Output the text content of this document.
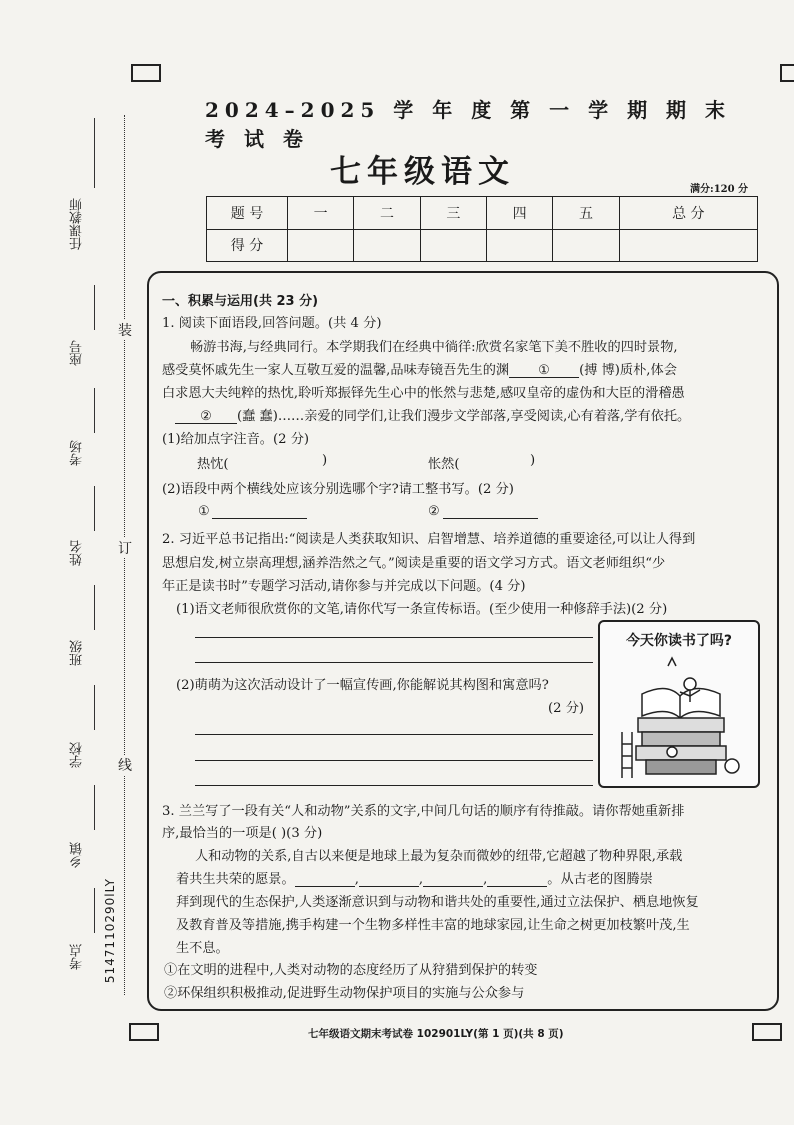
2024–2025 学 年 度 第 一 学 期 期 末 考 试 卷
七年级语文	满分:120 分
题 号	一	二	三	四	五	总 分
得 分						
装
订
线
任课教师
座号
考场
姓名
班级
学校
乡镇
考点 5147110290lLY
一、积累与运用(共 23 分)
1. 阅读下面语段,回答问题。(共 4 分)
畅游书海,与经典同行。本学期我们在经典中徜徉:欣赏名家笔下美不胜收的四时景物,
感受莫怀戚先生一家人互敬互爱的温馨,品味寿镜吾先生的渊 ① (搏 博)质朴,体会
白求恩大夫纯粹的热忱,聆听郑振铎先生心中的怅然与悲楚,感叹皇帝的虚伪和大臣的滑稽愚
② (蠢 蠢)……亲爱的同学们,让我们漫步文学部落,享受阅读,心有着落,学有依托。
(1)给加点字注音。(2 分)
热忱(	)	怅然(	)
(2)语段中两个横线处应该分别选哪个字?请工整书写。(2 分)
①	②
2. 习近平总书记指出:“阅读是人类获取知识、启智增慧、培养道德的重要途径,可以让人得到
思想启发,树立崇高理想,涵养浩然之气。”阅读是重要的语文学习方式。语文老师组织“少
年正是读书时”专题学习活动,请你参与并完成以下问题。(4 分)
(1)语文老师很欣赏你的文笔,请你代写一条宣传标语。(至少使用一种修辞手法)(2 分)
(2)萌萌为这次活动设计了一幅宣传画,你能解说其构图和寓意吗?
(2 分)
今天你读书了吗?
3. 兰兰写了一段有关“人和动物”关系的文字,中间几句话的顺序有待推敲。请你帮她重新排
序,最恰当的一项是( )(3 分)
人和动物的关系,自古以来便是地球上最为复杂而微妙的纽带,它超越了物种界限,承载
着共生共荣的愿景。	,	,	,	。从古老的图腾崇
拜到现代的生态保护,人类逐渐意识到与动物和谐共处的重要性,通过立法保护、栖息地恢复
及教育普及等措施,携手构建一个生物多样性丰富的地球家园,让生命之树更加枝繁叶茂,生
生不息。
①在文明的进程中,人类对动物的态度经历了从狩猎到保护的转变
②环保组织积极推动,促进野生动物保护项目的实施与公众参与
七年级语文期末考试卷 102901LY(第 1 页)(共 8 页)
